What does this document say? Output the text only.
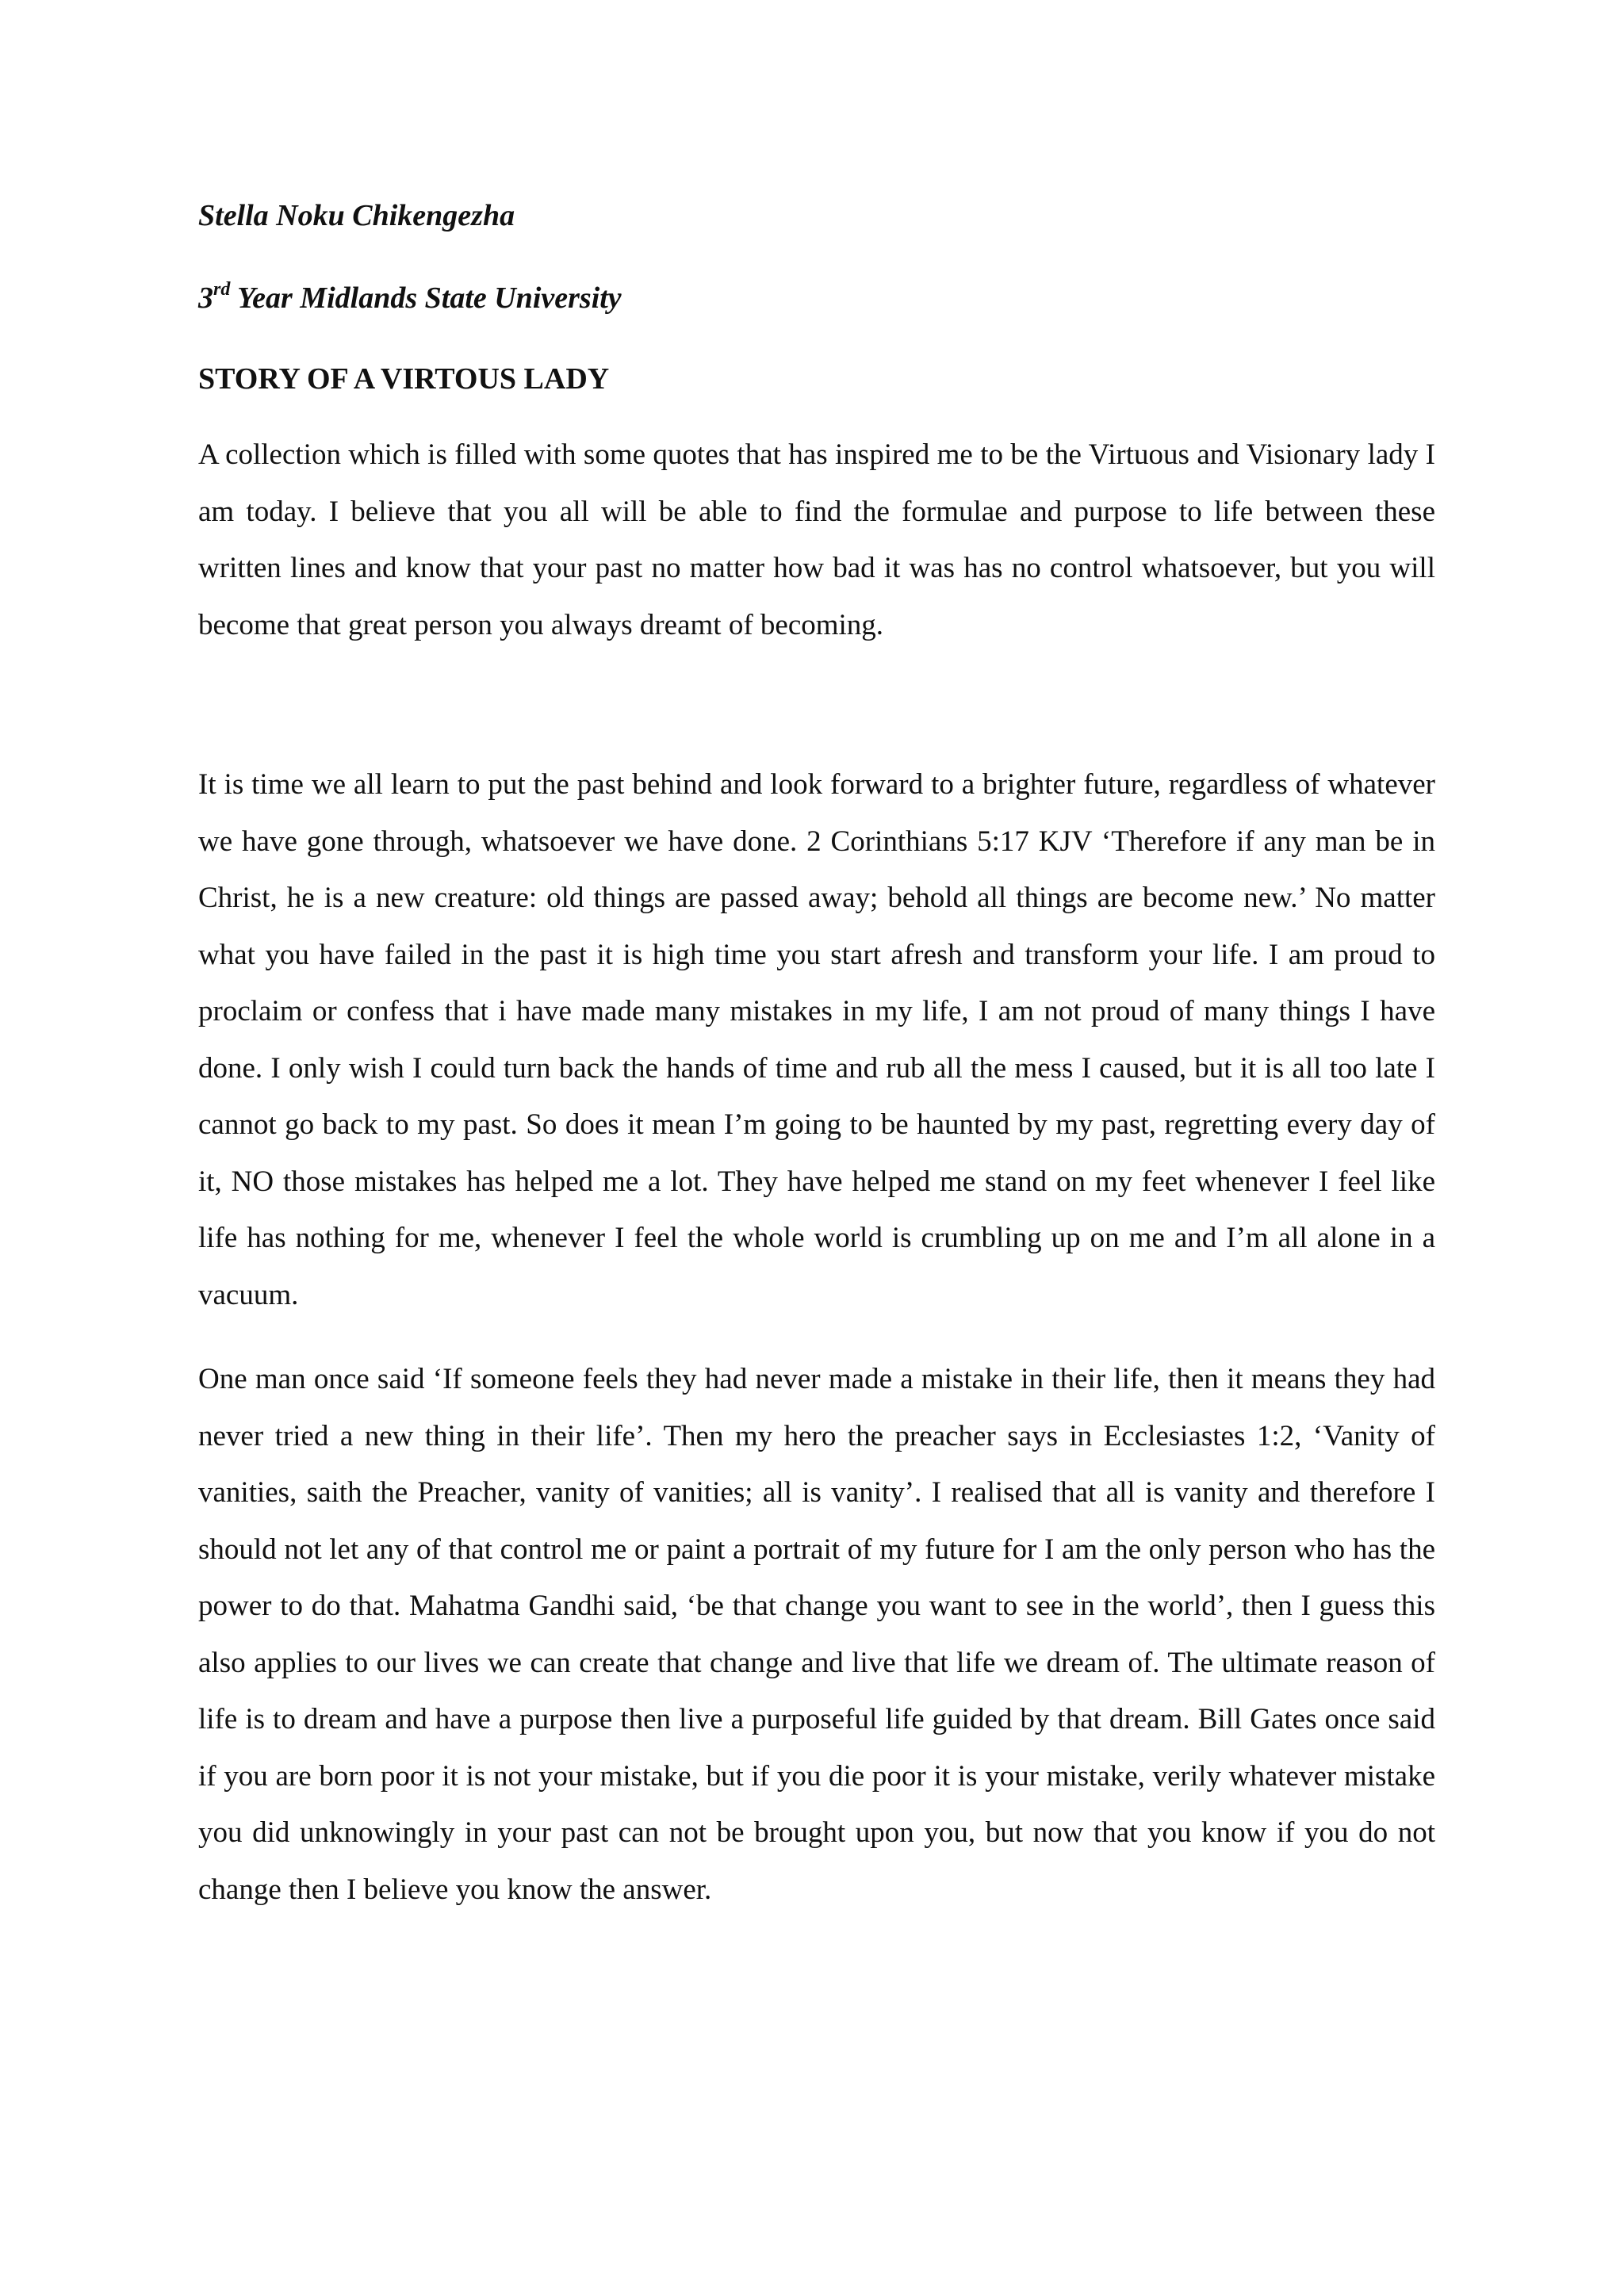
Stella Noku Chikengezha

3rd Year Midlands State University

STORY OF A VIRTOUS LADY

A collection which is filled with some quotes that has inspired me to be the Virtuous and Visionary lady I am today. I believe that you all will be able to find the formulae and purpose to life between these written lines and know that your past no matter how bad it was has no control whatsoever, but you will become that great person you always dreamt of becoming.

It is time we all learn to put the past behind and look forward to a brighter future, regardless of whatever we have gone through, whatsoever we have done. 2 Corinthians 5:17 KJV ‘Therefore if any man be in Christ, he is a new creature: old things are passed away; behold all things are become new.’ No matter what you have failed in the past it is high time you start afresh and transform your life. I am proud to proclaim or confess that i have made many mistakes in my life, I am not proud of many things I have done. I only wish I could turn back the hands of time and rub all the mess I caused, but it is all too late I cannot go back to my past. So does it mean I’m going to be haunted by my past, regretting every day of it, NO those mistakes has helped me a lot. They have helped me stand on my feet whenever I feel like life has nothing for me, whenever I feel the whole world is crumbling up on me and I’m all alone in a vacuum.

One man once said ‘If someone feels they had never made a mistake in their life, then it means they had never tried a new thing in their life’. Then my hero the preacher says in Ecclesiastes 1:2, ‘Vanity of vanities, saith the Preacher, vanity of vanities; all is vanity’. I realised that all is vanity and therefore I should not let any of that control me or paint a portrait of my future for I am the only person who has the power to do that. Mahatma Gandhi said, ‘be that change you want to see in the world’, then I guess this also applies to our lives we can create that change and live that life we dream of. The ultimate reason of life is to dream and have a purpose then live a purposeful life guided by that dream. Bill Gates once said if you are born poor it is not your mistake, but if you die poor it is your mistake, verily whatever mistake you did unknowingly in your past can not be brought upon you, but now that you know if you do not change then I believe you know the answer.
